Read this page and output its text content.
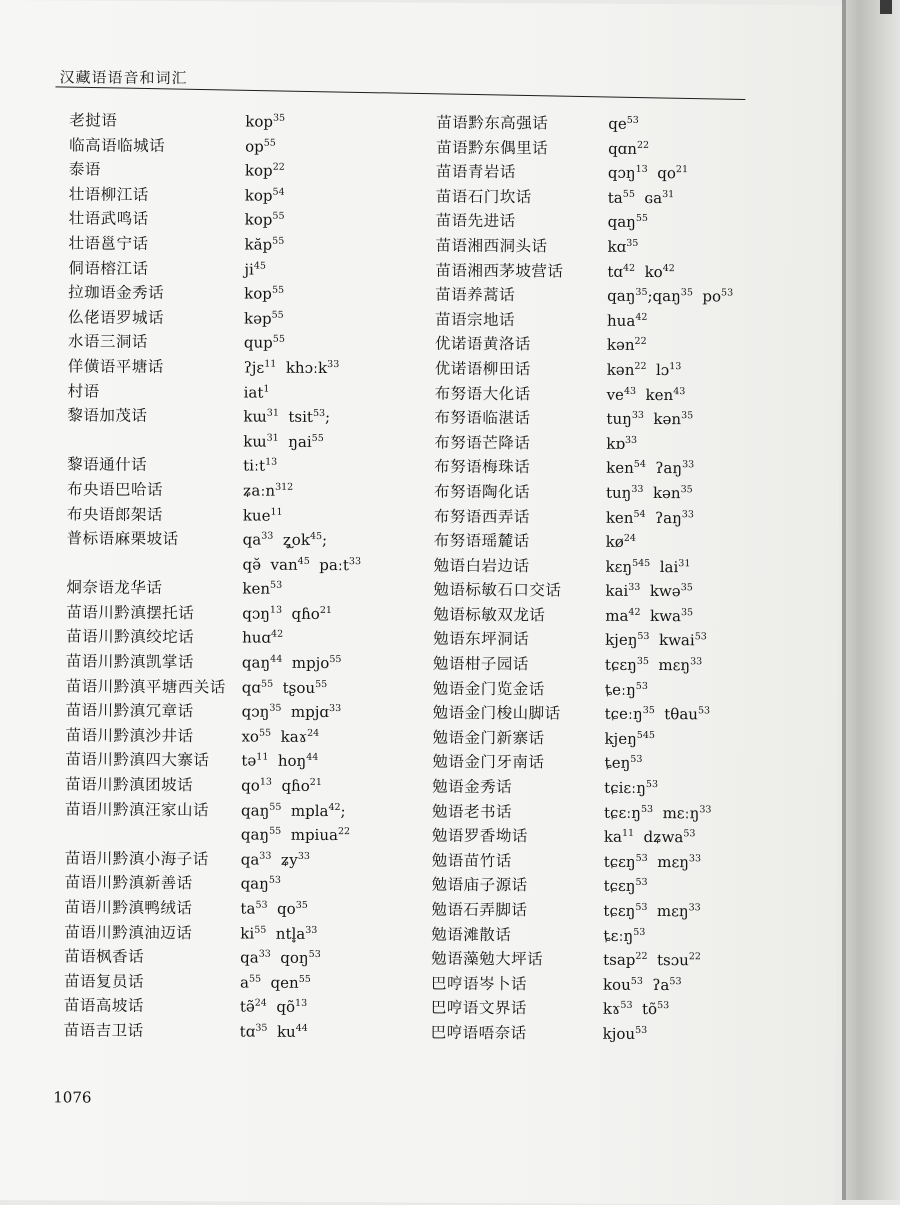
汉藏语语音和词汇
老挝语	kop$^{35}$
临高语临城话	$op^{55}$
泰语	kop$^{22}$
壮语柳江话	kop$^{54}$
壮语武鸣话	kop$^{55}$
壮语邕宁话	kăp$^{55}$
侗语榕江话	$ji^{45}$
拉珈语金秀话	kop$^{55}$
仫佬语罗城话	kəp$^{55}$
水语三洞话	qup$^{55}$
佯僙语平塘话	ʔjɛ$^{11}$  khɔːk$^{33}$
村语	iat$^1$
黎语加茂话	kɯ$^{31}$  tsit$^{53}$;
kɯ$^{31}$  ŋai$^{55}$
黎语通什话	tiːt$^{13}$
布央语巴哈话	ʑaːn$^{312}$
布央语郎架话	kue$^{11}$
普标语麻栗坡话	$qa^{33}$  $ʐ̥ok^{45}$;
qə̆  van$^{45}$  paːt$^{33}$
炯奈语龙华话	ken$^{53}$
苗语川黔滇摆托话	qɔŋ$^{13}$  qɦo$^{21}$
苗语川黔滇绞坨话	huɑ$^{42}$
苗语川黔滇凯掌话	qaŋ$^{44}$  mpjo$^{55}$
苗语川黔滇平塘西关话 qɑ$^{55}$  tʂou$^{55}$
苗语川黔滇冗章话	qɔŋ$^{35}$  mpjɑ$^{33}$
苗语川黔滇沙井话	$xo^{55}$  kaɤ$^{24}$
苗语川黔滇四大寨话 tə$^{11}$  hoŋ$^{44}$
苗语川黔滇团坡话	$qo^{13}$  qɦo$^{21}$
苗语川黔滇汪家山话 qaŋ$^{55}$  mpla$^{42}$;
qaŋ$^{55}$  mpiua$^{22}$
苗语川黔滇小海子话 $qa^{33}$  ʑy$^{33}$
苗语川黔滇新善话	qaŋ$^{53}$
苗语川黔滇鸭绒话	$ta^{53}$  $qo^{35}$
苗语川黔滇油迈话	$ki^{55}$  $ntl̥a^{33}$
苗语枫香话	$qa^{33}$  qoŋ$^{53}$
苗语复员话	$a^{55}$  qen$^{55}$
苗语高坡话	tə̃$^{24}$  $qõ^{13}$
苗语吉卫话	tɑ$^{35}$  $ku^{44}$
苗语黔东高强话	$qe^{53}$
苗语黔东偶里话	qɑn$^{22}$
苗语青岩话	qɔŋ$^{13}$  $qo^{21}$
苗语石门坎话	$ta^{55}$  ɢa$^{31}$
苗语先进话	qaŋ$^{55}$
苗语湘西洞头话	kɑ$^{35}$
苗语湘西茅坡营话	tɑ$^{42}$  $ko^{42}$
苗语养蒿话	qaŋ$^{35}$;qaŋ$^{35}$  $po^{53}$
苗语宗地话	hua$^{42}$
优诺语黄洛话	kən$^{22}$
优诺语柳田话	kən$^{22}$  lɔ$^{13}$
布努语大化话	$ve^{43}$  ken$^{43}$
布努语临湛话	tuŋ$^{33}$  kən$^{35}$
布努语芒降话	kɒ$^{33}$
布努语梅珠话	ken$^{54}$  ʔaŋ$^{33}$
布努语陶化话	tuŋ$^{33}$  kən$^{35}$
布努语西弄话	ken$^{54}$  ʔaŋ$^{33}$
布努语瑶麓话	$kø^{24}$
勉语白岩边话	kɛŋ$^{545}$  lai$^{31}$
勉语标敏石口交话	kai$^{33}$  kwə$^{35}$
勉语标敏双龙话	$ma^{42}$  kwa$^{35}$
勉语东坪洞话	kjeŋ$^{53}$  kwai$^{53}$
勉语柑子园话	tɕɛŋ$^{35}$  mɛŋ$^{33}$
勉语金门览金话	ȶeːŋ$^{53}$
勉语金门梭山脚话	tɕeːŋ$^{35}$  tθau$^{53}$
勉语金门新寨话	kjeŋ$^{545}$
勉语金门牙南话	ȶeŋ$^{53}$
勉语金秀话	tɕiɛːŋ$^{53}$
勉语老书话	tɕɛːŋ$^{53}$  mɛːŋ$^{33}$
勉语罗香坳话	$ka^{11}$  dʑwa$^{53}$
勉语苗竹话	tɕɛŋ$^{53}$  mɛŋ$^{33}$
勉语庙子源话	tɕɛŋ$^{53}$
勉语石弄脚话	tɕɛŋ$^{53}$  mɛŋ$^{33}$
勉语滩散话	ȶɛːŋ$^{53}$
勉语藻勉大坪话	tsap$^{22}$  tsɔu$^{22}$
巴哼语岑卜话	kou$^{53}$  ʔa$^{53}$
巴哼语文界话	kɤ$^{53}$  $tõ^{53}$
巴哼语唔奈话	kjou$^{53}$
1076
